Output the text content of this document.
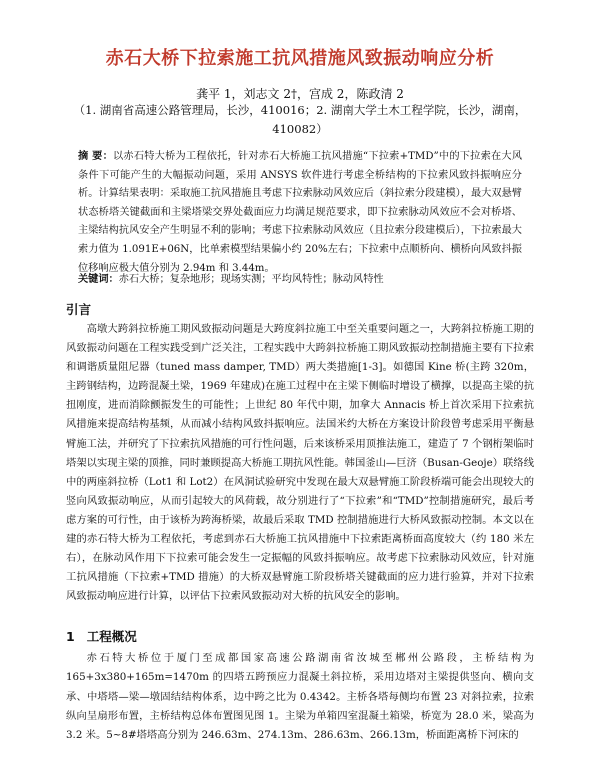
赤石大桥下拉索施工抗风措施风致振动响应分析
龚平 1，刘志文 2†，宫成 2，陈政清 2
（1. 湖南省高速公路管理局，长沙，410016；2. 湖南大学土木工程学院，长沙，湖南，410082）
摘 要：以赤石特大桥为工程依托，针对赤石大桥施工抗风措施“下拉索+TMD”中的下拉索在大风条件下可能产生的大幅振动问题，采用 ANSYS 软件进行考虑全桥结构的下拉索风致抖振响应分析。计算结果表明：采取施工抗风措施且考虑下拉索脉动风效应后（斜拉索分段建模），最大双悬臂状态桥塔关键截面和主梁塔梁交界处截面应力均满足规范要求，即下拉索脉动风效应不会对桥塔、主梁结构抗风安全产生明显不利的影响；考虑下拉索脉动风效应（且拉索分段建模后），下拉索最大索力值为 1.091E+06N，比单索模型结果偏小约 20%左右；下拉索中点顺桥向、横桥向风致抖振位移响应极大值分别为 2.94m 和 3.44m。
关键词：赤石大桥；复杂地形；现场实测；平均风特性；脉动风特性
引言
高墩大跨斜拉桥施工期风致振动问题是大跨度斜拉施工中至关重要问题之一，大跨斜拉桥施工期的风致振动问题在工程实践受到广泛关注，工程实践中大跨斜拉桥施工期风致振动控制措施主要有下拉索和调谐质量阻尼器（tuned mass damper, TMD）两大类措施[1-3]。如德国 Kine 桥(主跨 320m，主跨钢结构，边跨混凝土梁，1969 年建成)在施工过程中在主梁下侧临时增设了横撑，以提高主梁的抗扭刚度，进而消除颤振发生的可能性；上世纪 80 年代中期，加拿大 Annacis 桥上首次采用下拉索抗风措施来提高结构基频，从而减小结构风致抖振响应。法国米约大桥在方案设计阶段曾考虑采用平衡悬臂施工法，并研究了下拉索抗风措施的可行性问题，后来该桥采用顶推法施工，建造了 7 个钢桁架临时塔架以实现主梁的顶推，同时兼顾提高大桥施工期抗风性能。韩国釜山—巨济（Busan-Geoje）联络线中的两座斜拉桥（Lot1 和 Lot2）在风洞试验研究中发现在最大双悬臂施工阶段桥端可能会出现较大的竖向风致振动响应，从而引起较大的风荷载，故分别进行了“下拉索”和“TMD”控制措施研究，最后考虑方案的可行性，由于该桥为跨海桥梁，故最后采取 TMD 控制措施进行大桥风致振动控制。本文以在建的赤石特大桥为工程依托，考虑到赤石大桥施工抗风措施中下拉索距离桥面高度较大（约 180 米左右），在脉动风作用下下拉索可能会发生一定振幅的风致抖振响应。故考虑下拉索脉动风效应，针对施工抗风措施（下拉索+TMD 措施）的大桥双悬臂施工阶段桥塔关键截面的应力进行验算，并对下拉索风致振动响应进行计算，以评估下拉索风致振动对大桥的抗风安全的影响。
1 工程概况
赤石特大桥位于厦门至成都国家高速公路湖南省汝城至郴州公路段，主桥结构为165+3x380+165m=1470m 的四塔五跨预应力混凝土斜拉桥，采用边塔对主梁提供竖向、横向支承、中塔塔—梁—墩固结结构体系，边中跨之比为 0.4342。主桥各塔每侧均布置 23 对斜拉索，拉索纵向呈扇形布置，主桥结构总体布置图见图 1。主梁为单箱四室混凝土箱梁，桥宽为 28.0 米，梁高为 3.2 米。5~8#塔塔高分别为 246.63m、274.13m、286.63m、266.13m，桥面距离桥下河床的
